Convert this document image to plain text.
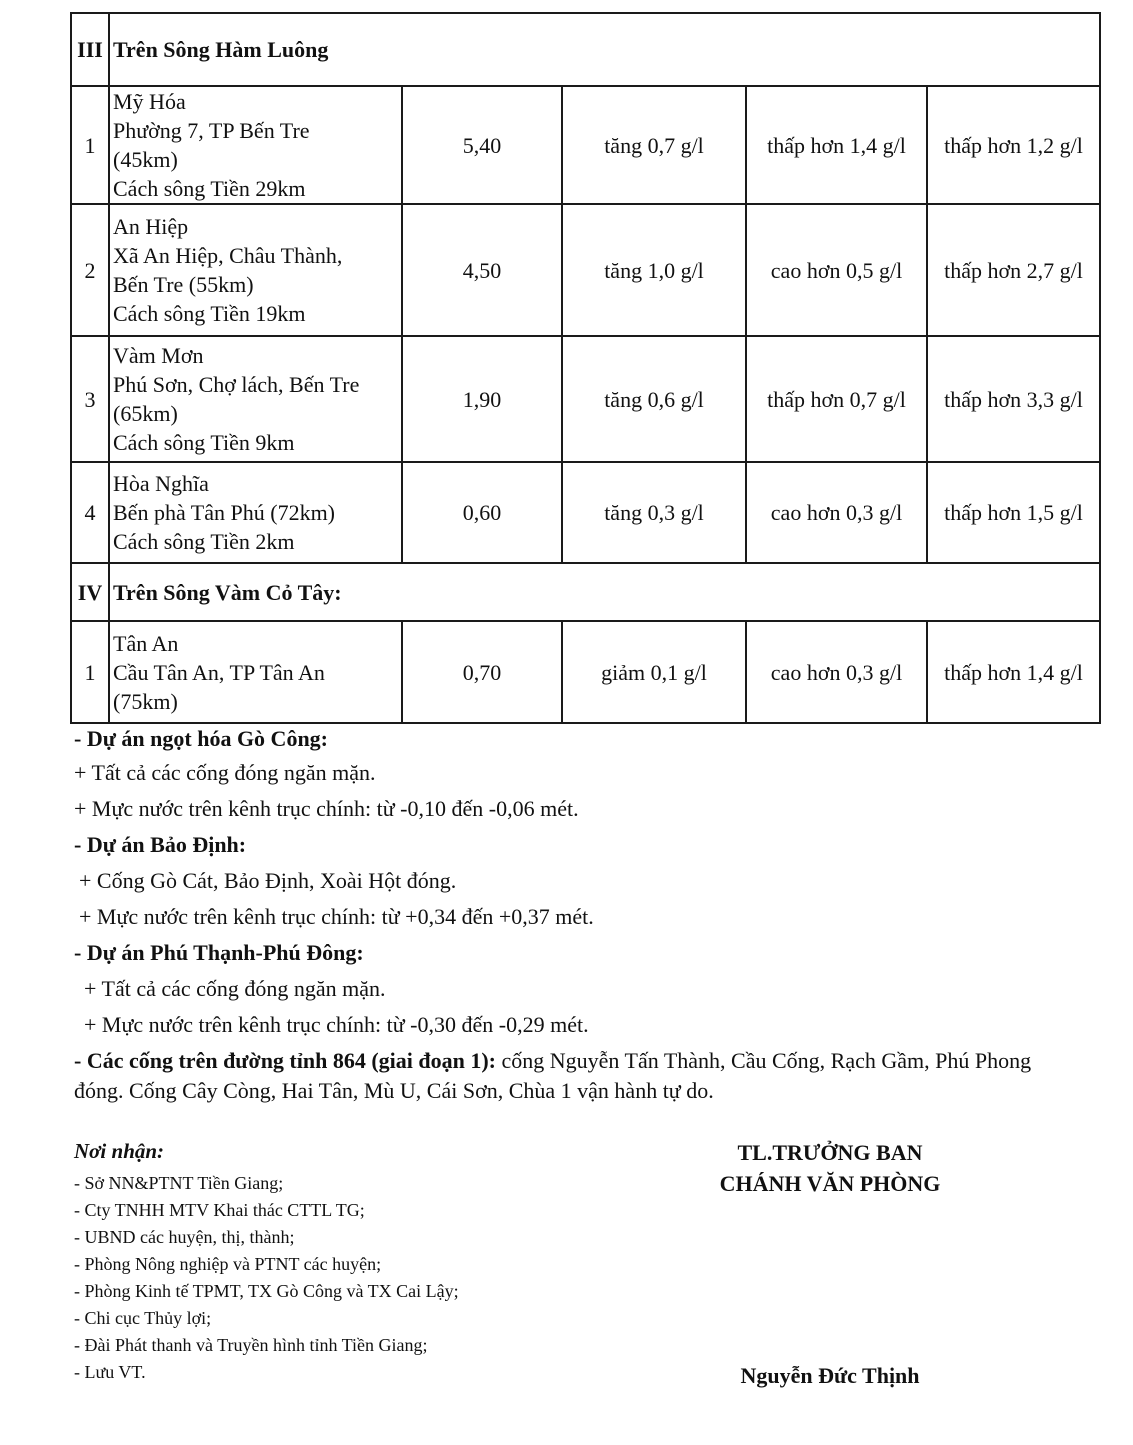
III	Trên Sông Hàm Luông				
1	Mỹ Hóa
Phường 7, TP Bến Tre
(45km)
Cách sông Tiền 29km	5,40	tăng 0,7 g/l	thấp hơn 1,4 g/l	thấp hơn 1,2 g/l
2	An Hiệp
Xã An Hiệp, Châu Thành,
Bến Tre (55km)
Cách sông Tiền 19km	4,50	tăng 1,0 g/l	cao hơn 0,5 g/l	thấp hơn 2,7 g/l
3	Vàm Mơn
Phú Sơn, Chợ lách, Bến Tre
(65km)
Cách sông Tiền 9km	1,90	tăng 0,6 g/l	thấp hơn 0,7 g/l	thấp hơn 3,3 g/l
4	Hòa Nghĩa
Bến phà Tân Phú (72km)
Cách sông Tiền 2km	0,60	tăng 0,3 g/l	cao hơn 0,3 g/l	thấp hơn 1,5 g/l
IV	Trên Sông Vàm Cỏ Tây:				
1	Tân An
Cầu Tân An, TP Tân An
(75km)	0,70	giảm 0,1 g/l	cao hơn 0,3 g/l	thấp hơn 1,4 g/l
- Dự án ngọt hóa Gò Công:
+ Tất cả các cống đóng ngăn mặn.
+ Mực nước trên kênh trục chính: từ -0,10 đến -0,06 mét.
- Dự án Bảo Định:
+ Cống Gò Cát, Bảo Định, Xoài Hột đóng.
+ Mực nước trên kênh trục chính: từ +0,34 đến +0,37 mét.
- Dự án Phú Thạnh-Phú Đông:
+ Tất cả các cống đóng ngăn mặn.
+ Mực nước trên kênh trục chính: từ -0,30 đến -0,29 mét.
- Các cống trên đường tỉnh 864 (giai đoạn 1): cống Nguyễn Tấn Thành, Cầu Cống, Rạch Gầm, Phú Phong đóng. Cống Cây Còng, Hai Tân, Mù U, Cái Sơn, Chùa 1 vận hành tự do.
Nơi nhận:
- Sở NN&PTNT Tiền Giang;
- Cty TNHH MTV Khai thác CTTL TG;
- UBND các huyện, thị, thành;
- Phòng Nông nghiệp và PTNT các huyện;
- Phòng Kinh tế TPMT, TX Gò Công và TX Cai Lậy;
- Chi cục Thủy lợi;
- Đài Phát thanh và Truyền hình tỉnh Tiền Giang;
- Lưu VT.
TL.TRƯỞNG BAN
CHÁNH VĂN PHÒNG
Nguyễn Đức Thịnh
